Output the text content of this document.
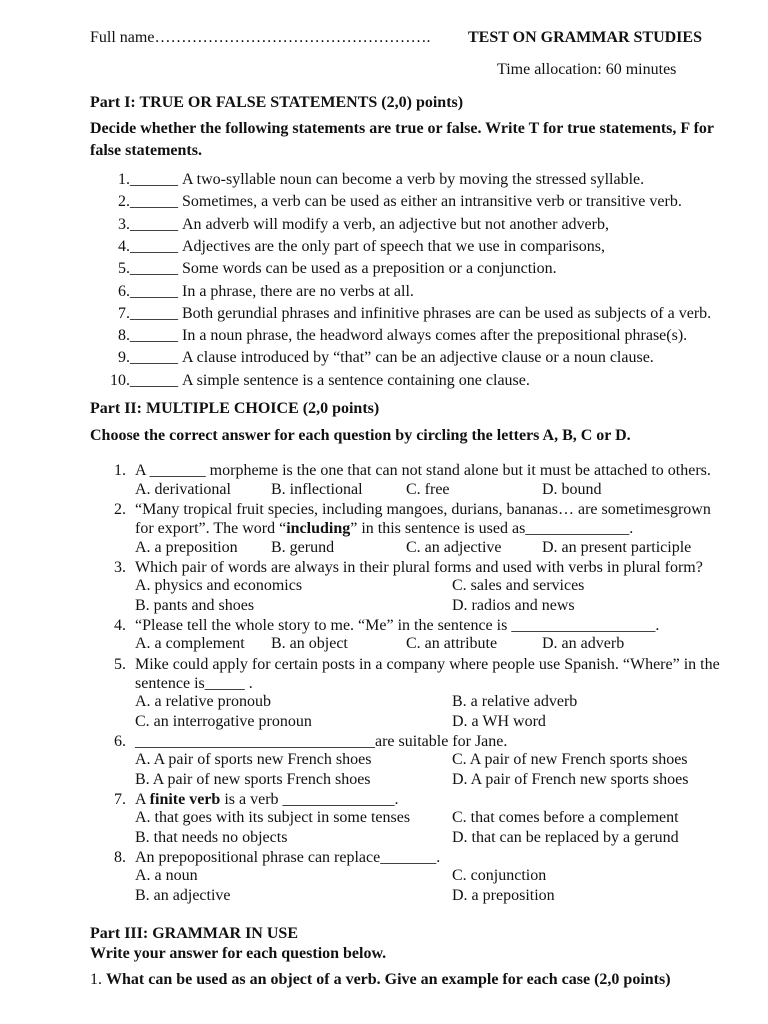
Full name……………………………………………. TEST ON GRAMMAR STUDIES
Time allocation: 60 minutes
Part I: TRUE OR FALSE STATEMENTS (2,0) points)
Decide whether the following statements are true or false. Write T for true statements, F for
false statements.
1.______ A two-syllable noun can become a verb by moving the stressed syllable.
2.______ Sometimes, a verb can be used as either an intransitive verb or transitive verb.
3.______ An adverb will modify a verb, an adjective but not another adverb,
4.______ Adjectives are the only part of speech that we use in comparisons,
5.______ Some words can be used as a preposition or a conjunction.
6.______ In a phrase, there are no verbs at all.
7.______ Both gerundial phrases and infinitive phrases are can be used as subjects of a verb.
8.______ In a noun phrase, the headword always comes after the prepositional phrase(s).
9.______ A clause introduced by “that” can be an adjective clause or a noun clause.
10.______ A simple sentence is a sentence containing one clause.
Part II: MULTIPLE CHOICE (2,0 points)
Choose the correct answer for each question by circling the letters A, B, C or D.
1. A _______ morpheme is the one that can not stand alone but it must be attached to others.
A. derivational	B. inflectional	C. free	D. bound
2. “Many tropical fruit species, including mangoes, durians, bananas… are sometimesgrown
for export”. The word “including” in this sentence is used as_____________.
A. a preposition B. gerund	C. an adjective	D. an present participle
3. Which pair of words are always in their plural forms and used with verbs in plural form?
A. physics and economics	C. sales and services
B. pants and shoes	D. radios and news
4. “Please tell the whole story to me. “Me” in the sentence is __________________.
A. a complement B. an object	C. an attribute	D. an adverb
5. Mike could apply for certain posts in a company where people use Spanish. “Where” in the
sentence is_____ .
A. a relative pronoub	B. a relative adverb
C. an interrogative pronoun	D. a WH word
6. ______________________________are suitable for Jane.
A. A pair of sports new French shoes	C. A pair of new French sports shoes
B. A pair of new sports French shoes	D. A pair of French new sports shoes
7. A finite verb is a verb ______________.
A. that goes with its subject in some tenses	C. that comes before a complement
B. that needs no objects	D. that can be replaced by a gerund
8. An prepopositional phrase can replace_______.
A. a noun	C. conjunction
B. an adjective	D. a preposition
Part III: GRAMMAR IN USE
Write your answer for each question below.
1. What can be used as an object of a verb. Give an example for each case (2,0 points)
